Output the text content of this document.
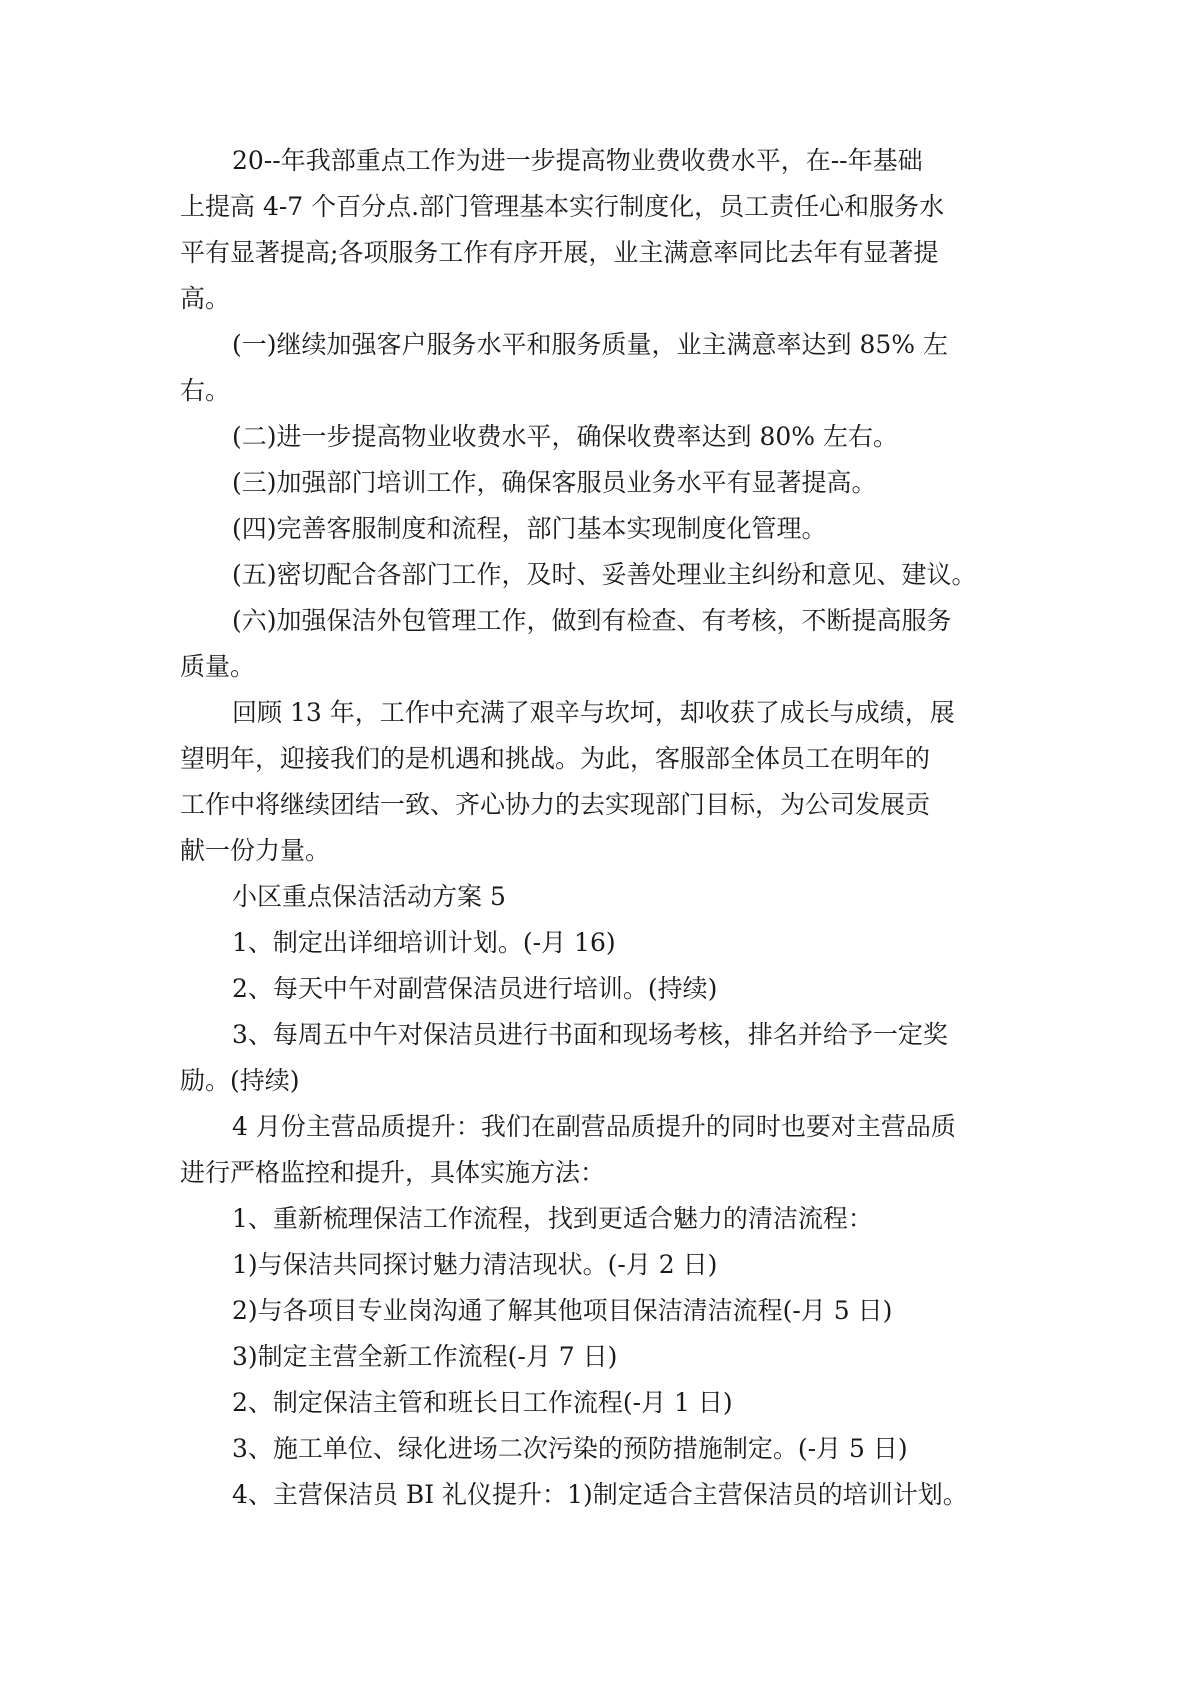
20--年我部重点工作为进一步提高物业费收费水平，在--年基础
上提高 4-7 个百分点.部门管理基本实行制度化，员工责任心和服务水
平有显著提高;各项服务工作有序开展，业主满意率同比去年有显著提
高。

(一)继续加强客户服务水平和服务质量，业主满意率达到 85% 左
右。

(二)进一步提高物业收费水平，确保收费率达到 80% 左右。

(三)加强部门培训工作，确保客服员业务水平有显著提高。

(四)完善客服制度和流程，部门基本实现制度化管理。

(五)密切配合各部门工作，及时、妥善处理业主纠纷和意见、建议。

(六)加强保洁外包管理工作，做到有检查、有考核，不断提高服务
质量。

回顾 13 年，工作中充满了艰辛与坎坷，却收获了成长与成绩，展
望明年，迎接我们的是机遇和挑战。为此，客服部全体员工在明年的
工作中将继续团结一致、齐心协力的去实现部门目标，为公司发展贡
献一份力量。

小区重点保洁活动方案 5

1、制定出详细培训计划。(-月 16)

2、每天中午对副营保洁员进行培训。(持续)

3、每周五中午对保洁员进行书面和现场考核，排名并给予一定奖
励。(持续)

4 月份主营品质提升：我们在副营品质提升的同时也要对主营品质
进行严格监控和提升，具体实施方法：

1、重新梳理保洁工作流程，找到更适合魅力的清洁流程：

1)与保洁共同探讨魅力清洁现状。(-月 2 日)

2)与各项目专业岗沟通了解其他项目保洁清洁流程(-月 5 日)

3)制定主营全新工作流程(-月 7 日)

2、制定保洁主管和班长日工作流程(-月 1 日)

3、施工单位、绿化进场二次污染的预防措施制定。(-月 5 日)

4、主营保洁员 BI 礼仪提升：1)制定适合主营保洁员的培训计划。
